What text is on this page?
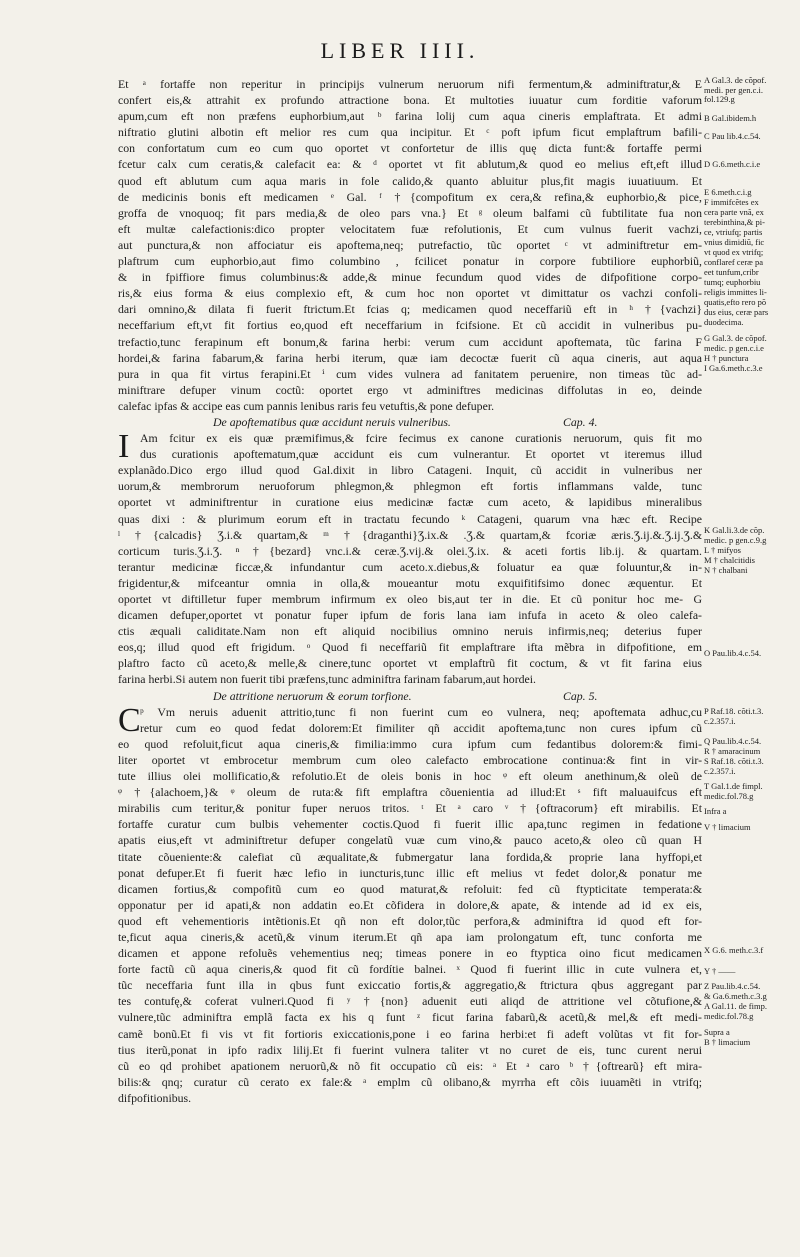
LIBER IIII.
Et ᵃ fortaffe non reperitur in principijs vulnerum neruorum nifi fermentum,& adminiftratur,& E
confert eis,& attrahit ex profundo attractione bona. Et multoties iuuatur cum forditie vaforum
apum,cum eft non præfens euphorbium,aut ᵇ farina lolij cum aqua cineris emplaftrata. Et admi
niftratio glutini albotin eft melior res cum qua incipitur. Et ᶜ poft ipfum ficut emplaftrum bafili-
con confortatum cum eo cum quo oportet vt confortetur de illis quę dicta funt:& fortaffe permi
fcetur calx cum ceratis,& calefacit ea: & ᵈ oportet vt fit ablutum,& quod eo melius eft,eft illud
quod eft ablutum cum aqua maris in fole calido,& quanto abluitur plus,fit magis iuuatiuum. Et
de medicinis bonis eft medicamen ᵉ Gal. ᶠ †{compofitum ex cera,& refina,& euphorbio,& pice,
groffa de vnoquoq; fit pars media,& de oleo pars vna.} Et ᵍ oleum balfami cũ fubtilitate fua non
eft multæ calefactionis:dico propter velocitatem fuæ refolutionis, Et cum vulnus fuerit vachzi,
aut punctura,& non affociatur eis apoftema,neq; putrefactio, tũc oportet ᶜ vt adminiftretur em-
plaftrum cum euphorbio,aut fimo columbino , fcilicet ponatur in corpore fubtiliore euphorbiũ,
& in fpiffiore fimus columbinus:& adde,& minue fecundum quod vides de difpofitione corpo-
ris,& eius forma & eius complexio eft, & cum hoc non oportet vt dimittatur os vachzi confoli-
dari omnino,& dilata fi fuerit ftrictum.Et fcias q; medicamen quod neceffariũ eft in ʰ †{vachzi}
neceffarium eft,vt fit fortius eo,quod eft neceffarium in fcifsione. Et cũ accidit in vulneribus pu-
trefactio,tunc ferapinum eft bonum,& farina herbi: verum cum accidunt apoftemata, tũc farina F
hordei,& farina fabarum,& farina herbi iterum, quæ iam decoctæ fuerit cũ aqua cineris, aut aqua
pura in qua fit virtus ferapini.Et ⁱ cum vides vulnera ad fanitatem peruenire, non timeas tũc ad-
miniftrare defuper vinum coctũ: oportet ergo vt adminiftres medicinas diffolutas in eo, deinde
calefac ipfas & accipe eas cum pannis lenibus raris feu vetuftis,& pone defuper.
De apoftematibus quæ accidunt neruis vulneribus.	Cap. 4.
Am fcitur ex eis quæ præmifimus,& fcire fecimus ex canone curationis neruorum, quis fit mo
dus curationis apoftematum,quæ accidunt eis cum vulnerantur. Et oportet vt iteremus illud
explanãdo.Dico ergo illud quod Gal.dixit in libro Catageni. Inquit, cũ accidit in vulneribus ner
uorum,& membrorum neruoforum phlegmon,& phlegmon eft fortis inflammans valde, tunc
oportet vt adminiftrentur in curatione eius medicinæ factæ cum aceto, & lapidibus mineralibus
quas dixi : & plurimum eorum eft in tractatu fecundo ᵏ Catageni, quarum vna hæc eft. Recipe
ˡ †{calcadis} Ʒ.i.& quartam,& ᵐ †{draganthi}Ʒ.ix.& .Ʒ.& quartam,& fcoriæ æris.Ʒ.ij.&.Ʒ.ij.Ʒ.&
corticum turis.Ʒ.i.Ʒ. ⁿ †{bezard} vnc.i.& ceræ.Ʒ.vij.& olei.Ʒ.ix. & aceti fortis lib.ij. & quartam.
terantur medicinæ ficcæ,& infundantur cum aceto.x.diebus,& foluatur ea quæ foluuntur,& in-
frigidentur,& mifceantur omnia in olla,& moueantur motu exquifitifsimo donec æquentur. Et
oportet vt diftilletur fuper membrum infirmum ex oleo bis,aut ter in die. Et cũ ponitur hoc me- G
dicamen defuper,oportet vt ponatur fuper ipfum de foris lana iam infufa in aceto & oleo calefa-
ctis æquali caliditate.Nam non eft aliquid nocibilius omnino neruis infirmis,neq; deterius fuper
eos,q; illud quod eft frigidum. ᵒ Quod fi neceffariũ fit emplaftrare ifta mẽbra in difpofitione, em
plaftro facto cũ aceto,& melle,& cinere,tunc oportet vt emplaftrũ fit coctum, & vt fit farina eius
farina herbi.Si autem non fuerit tibi præfens,tunc adminiftra farinam fabarum,aut hordei.
I
De attritione neruorum & eorum torfione.	Cap. 5.
ᵖ Vm neruis aduenit attritio,tunc fi non fuerint cum eo vulnera, neq; apoftemata adhuc,cu
retur cum eo quod fedat dolorem:Et fimiliter qñ accidit apoftema,tunc non cures ipfum cũ
eo quod refoluit,ficut aqua cineris,& fimilia:immo cura ipfum cum fedantibus dolorem:& fimi-
liter oportet vt embrocetur membrum cum oleo calefacto embrocatione continua:& fint in vir-
tute illius olei mollificatio,& refolutio.Et de oleis bonis in hoc ᵠ eft oleum anethinum,& oleũ de
ᵠ †{alachoem,}& ᵠ oleum de ruta:& fift emplaftra cõuenientia ad illud:Et ˢ fift maluauifcus eft
mirabilis cum teritur,& ponitur fuper neruos tritos. ᵗ Et ᵃ caro ᵛ †{oftracorum} eft mirabilis. Et
fortaffe curatur cum bulbis vehementer coctis.Quod fi fuerit illic apa,tunc regimen in fedatione
apatis eius,eft vt adminiftretur defuper congelatũ vuæ cum vino,& pauco aceto,& oleo cũ quan H
titate cõueniente:& calefiat cũ æqualitate,& fubmergatur lana fordida,& proprie lana hyffopi,et
ponat defuper.Et fi fuerit hæc lefio in iuncturis,tunc illic eft melius vt fedet dolor,& ponatur me
dicamen fortius,& compofitũ cum eo quod maturat,& refoluit: fed cũ ftypticitate temperata:&
opponatur per id apati,& non addatin eo.Et cõfidera in dolore,& apate, & intende ad id ex eis,
quod eft vehementioris intẽtionis.Et qñ non eft dolor,tũc perfora,& adminiftra id quod eft for-
te,ficut aqua cineris,& acetũ,& vinum iterum.Et qñ apa iam prolongatum eft, tunc conforta me
dicamen et appone refoluẽs vehementius neq; timeas ponere in eo ftyptica oino ficut medicamen
forte factũ cũ aqua cineris,& quod fit cũ fordítie balnei. ˣ Quod fi fuerint illic in cute vulnera et,
tũc neceffaria funt illa in qbus funt exiccatio fortis,& aggregatio,& ftrictura qbus aggregant par
tes contufę,& coferat vulneri.Quod fi ʸ †{non} aduenit euti aliqd de attritione vel cõtufione,&
vulnere,tũc adminiftra emplã facta ex his q funt ᶻ ficut farina fabarũ,& acetũ,& mel,& eft medi-
camẽ bonũ.Et fi vis vt fit fortioris exiccationis,pone i eo farina herbi:et fi adeft volũtas vt fit for-
tius iterũ,ponat in ipfo radix lilij.Et fi fuerint vulnera taliter vt no curet de eis, tunc curent nerui
cũ eo qd prohibet apationem neruorũ,& nõ fit occupatio cũ eis: ᵃ Et ᵃ caro ᵇ †{oftrearũ} eft mira-
bilis:& qnq; curatur cũ cerato ex fale:& ᵃ emplm cũ olibano,& myrrha eft cõis iuuamẽti in vtrifq;
difpofitionibus.
C
A Gal.3. de cõpof.
medi. per gen.c.i.
fol.129.g
B Gal.ibidem.h
C Pau lib.4.c.54.
D G.6.meth.c.i.e
E 6.meth.c.i.g
F immifcẽtes ex
cera parte vnã, ex
terebinthina,& pi-
ce, vtriufq; partis
vnius dimidiũ, fic
vt quod ex vtrifq;
conflaref ceræ pa
eet tunfum,cribr
tumq; euphorbiu
religis immittes li-
quatis,efto rero põ
dus eius, ceræ pars
duodecima.
G Gal.3. de cõpof.
medic. p gen.c.i.e
H † punctura
I Ga.6.meth.c.3.e
K Gal.li.3.de cõp.
medic. p gen.c.9.g
L † mifyos
M † chalcitidis
N † chalbani
O Pau.lib.4.c.54.
P Raf.18. cõti.t.3.
c.2.357.i.
Q Pau.lib.4.c.54.
R † amaracinum
S Raf.18. cõti.t.3.
c.2.357.i.
T Gal.1.de fimpl.
medic.fol.78.g
Infra a
V † limacium
X G.6. meth.c.3.f
Y † ——
Z Pau.lib.4.c.54.
& Ga.6.meth.c.3.g
A Gal.11. de fimp.
medic.fol.78.g
Supra a
B † limacium
